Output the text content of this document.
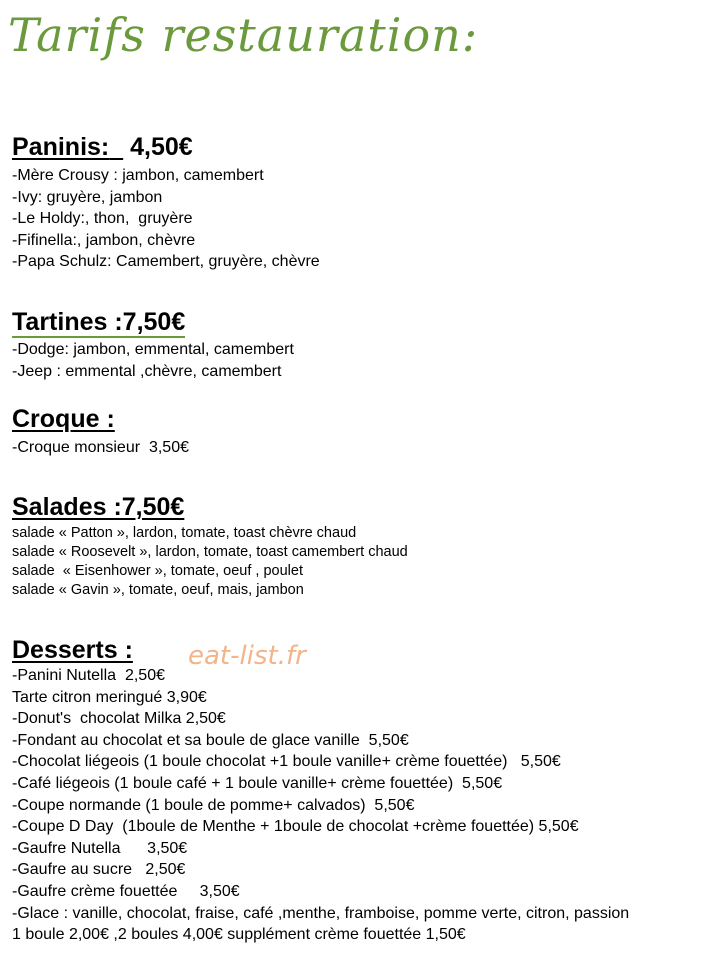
Tarifs restauration:
Paninis: 4,50€
-Mère Crousy : jambon, camembert
-Ivy: gruyère, jambon
-Le Holdy:, thon,  gruyère
-Fifinella:, jambon, chèvre
-Papa Schulz: Camembert, gruyère, chèvre
Tartines :7,50€
-Dodge: jambon, emmental, camembert
-Jeep : emmental ,chèvre, camembert
Croque :
-Croque monsieur  3,50€
Salades :7,50€
salade « Patton », lardon, tomate, toast chèvre chaud
salade « Roosevelt », lardon, tomate, toast camembert chaud
salade  « Eisenhower », tomate, oeuf , poulet
salade « Gavin », tomate, oeuf, mais, jambon
Desserts :
-Panini Nutella  2,50€
Tarte citron meringué 3,90€
-Donut's  chocolat Milka 2,50€
-Fondant au chocolat et sa boule de glace vanille  5,50€
-Chocolat liégeois (1 boule chocolat +1 boule vanille+ crème fouettée)   5,50€
-Café liégeois (1 boule café + 1 boule vanille+ crème fouettée)  5,50€
-Coupe normande (1 boule de pomme+ calvados)  5,50€
-Coupe D Day  (1boule de Menthe + 1boule de chocolat +crème fouettée) 5,50€
-Gaufre Nutella      3,50€
-Gaufre au sucre   2,50€
-Gaufre crème fouettée     3,50€
-Glace : vanille, chocolat, fraise, café ,menthe, framboise, pomme verte, citron, passion
1 boule 2,00€ ,2 boules 4,00€ supplément crème fouettée 1,50€
eat-list.fr
